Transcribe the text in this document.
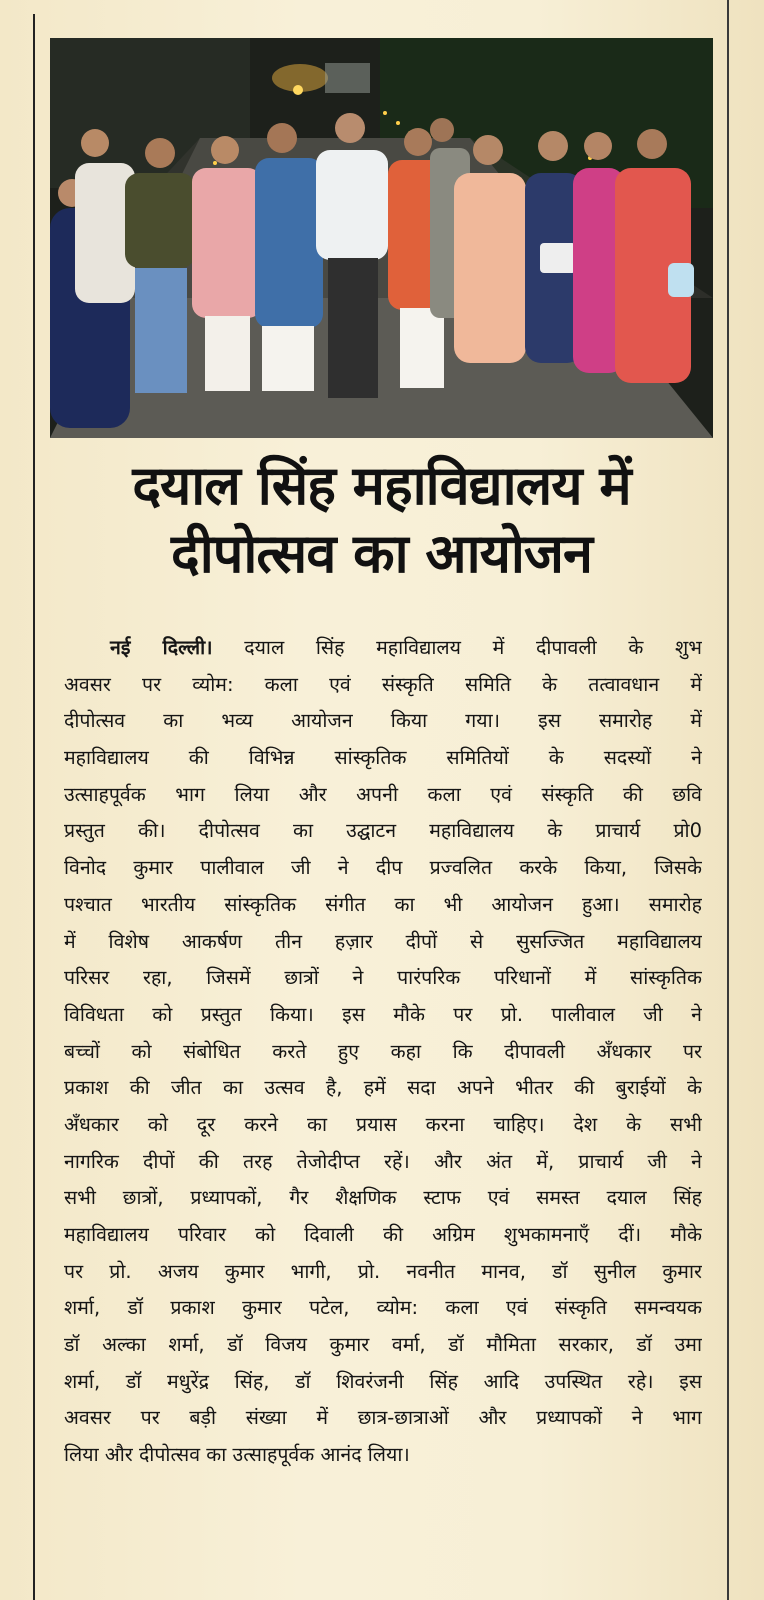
दयाल सिंह महाविद्यालय में
दीपोत्सव का आयोजन
नई दिल्ली। दयाल सिंह महाविद्यालय में दीपावली के शुभ
अवसर पर व्योम: कला एवं संस्कृति समिति के तत्वावधान में
दीपोत्सव का भव्य आयोजन किया गया। इस समारोह में
महाविद्यालय की विभिन्न सांस्कृतिक समितियों के सदस्यों ने
उत्साहपूर्वक भाग लिया और अपनी कला एवं संस्कृति की छवि
प्रस्तुत की। दीपोत्सव का उद्घाटन महाविद्यालय के प्राचार्य प्रो0
विनोद कुमार पालीवाल जी ने दीप प्रज्वलित करके किया, जिसके
पश्चात भारतीय सांस्कृतिक संगीत का भी आयोजन हुआ। समारोह
में विशेष आकर्षण तीन हज़ार दीपों से सुसज्जित महाविद्यालय
परिसर रहा, जिसमें छात्रों ने पारंपरिक परिधानों में सांस्कृतिक
विविधता को प्रस्तुत किया। इस मौके पर प्रो. पालीवाल जी ने
बच्चों को संबोधित करते हुए कहा कि दीपावली अँधकार पर
प्रकाश की जीत का उत्सव है, हमें सदा अपने भीतर की बुराईयों के
अँधकार को दूर करने का प्रयास करना चाहिए। देश के सभी
नागरिक दीपों की तरह तेजोदीप्त रहें। और अंत में, प्राचार्य जी ने
सभी छात्रों, प्रध्यापकों, गैर शैक्षणिक स्टाफ एवं समस्त दयाल सिंह
महाविद्यालय परिवार को दिवाली की अग्रिम शुभकामनाएँ दीं। मौके
पर प्रो. अजय कुमार भागी, प्रो. नवनीत मानव, डॉ सुनील कुमार
शर्मा, डॉ प्रकाश कुमार पटेल, व्योम: कला एवं संस्कृति समन्वयक
डॉ अल्का शर्मा, डॉ विजय कुमार वर्मा, डॉ मौमिता सरकार, डॉ उमा
शर्मा, डॉ मधुरेंद्र सिंह, डॉ शिवरंजनी सिंह आदि उपस्थित रहे। इस
अवसर पर बड़ी संख्या में छात्र-छात्राओं और प्रध्यापकों ने भाग
लिया और दीपोत्सव का उत्साहपूर्वक आनंद लिया।
